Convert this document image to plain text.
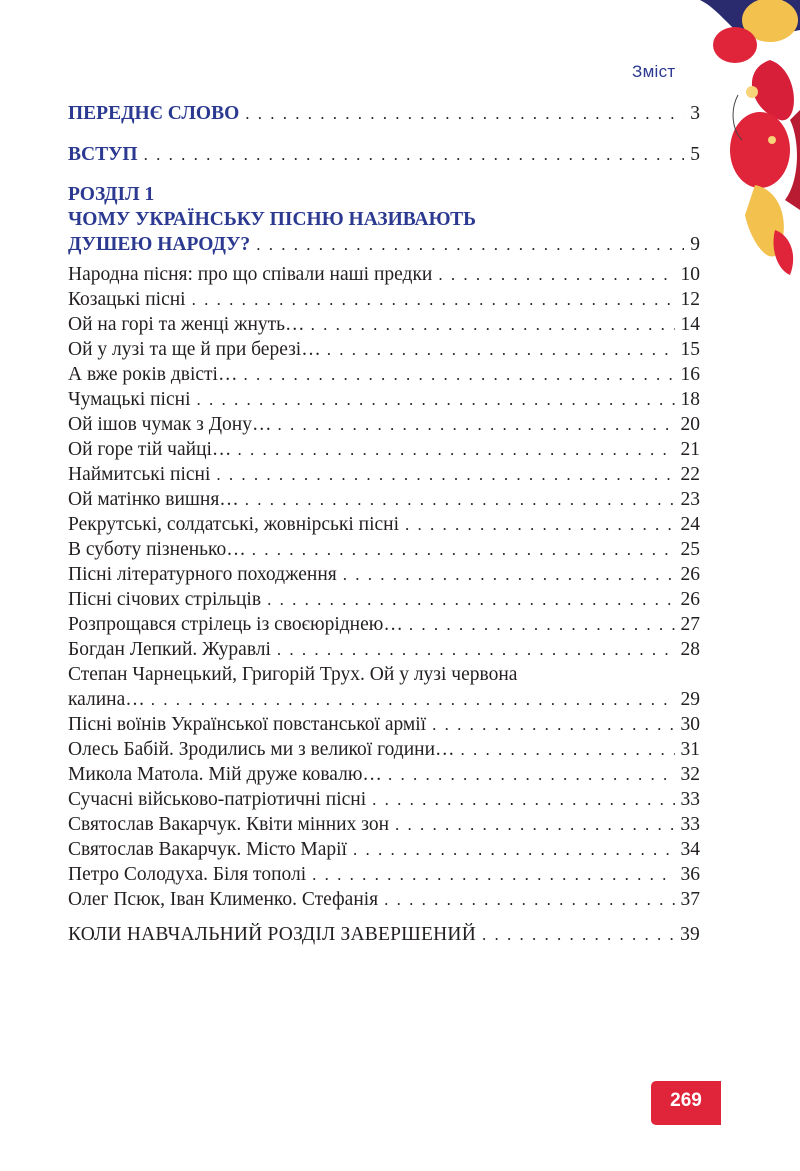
Зміст
ПЕРЕДНЄ СЛОВО . . .	3
ВСТУП . . .	5
РОЗДІЛ 1
ЧОМУ УКРАЇНСЬКУ ПІСНЮ НАЗИВАЮТЬ
ДУШЕЮ НАРОДУ? . . .	9
Народна пісня: про що співали наші предки . . .	10
Козацькі пісні . . .	12
Ой на горі та женці жнуть… . . .	14
Ой у лузі та ще й при березі… . . .	15
А вже років двісті… . . .	16
Чумацькі пісні . . .	18
Ой ішов чумак з Дону… . . .	20
Ой горе тій чайці… . . .	21
Наймитські пісні . . .	22
Ой матінко вишня… . . .	23
Рекрутські, солдатські, жовнірські пісні . . .	24
В суботу пізненько… . . .	25
Пісні літературного походження . . .	26
Пісні січових стрільців . . .	26
Розпрощався стрілець із своєюріднею… . . .	27
Богдан Лепкий. Журавлі . . .	28
Степан Чарнецький, Григорій Трух. Ой у лузі червона
калина… . . .	29
Пісні воїнів Української повстанської армії . . .	30
Олесь Бабій. Зродились ми з великої години… . . .	31
Микола Матола. Мій друже ковалю… . . .	32
Сучасні військово-патріотичні пісні . . .	33
Святослав Вакарчук. Квіти мінних зон . . .	33
Святослав Вакарчук. Місто Марії . . .	34
Петро Солодуха. Біля тополі . . .	36
Олег Псюк, Іван Клименко. Стефанія . . .	37
КОЛИ НАВЧАЛЬНИЙ РОЗДІЛ ЗАВЕРШЕНИЙ . . .	39
269
